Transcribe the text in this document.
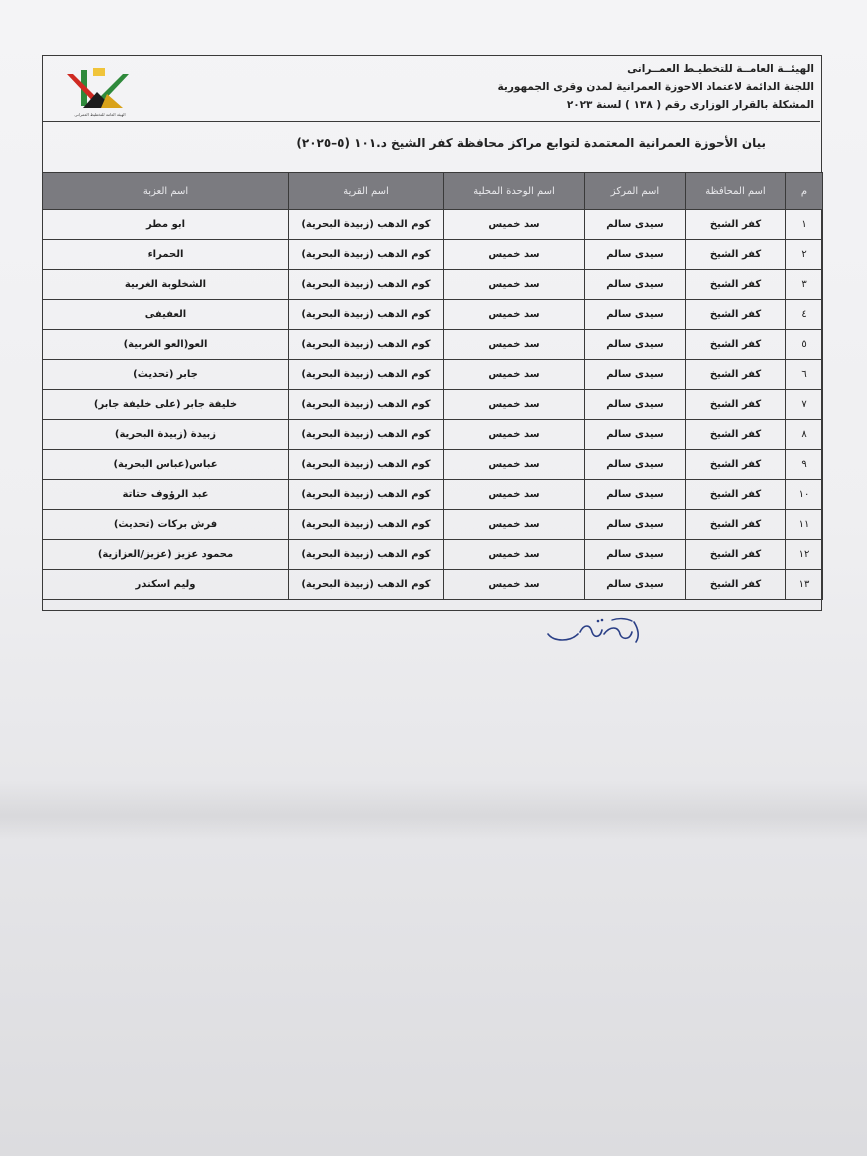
الهيئة العامة للتخطيط العمرانى
الهيئــة العامــة للتخطيـط العمــرانى
اللجنة الدائمة لاعتماد الاحوزة العمرانية لمدن وقرى الجمهورية
المشكلة بالقرار الوزارى رقم ( ١٣٨ ) لسنة ٢٠٢٣
بيان الأحوزة العمرانية المعتمدة لتوابع مراكز محافظة كفر الشيخ د.١٠١ (٥–٢٠٢٥)
م	اسم المحافظة	اسم المركز	اسم الوحدة المحلية	اسم القرية	اسم العزبة
١	كفر الشيخ	سيدى سالم	سد خميس	كوم الدهب (زبيدة البحرية)	ابو مطر
٢	كفر الشيخ	سيدى سالم	سد خميس	كوم الدهب (زبيدة البحرية)	الحمراء
٣	كفر الشيخ	سيدى سالم	سد خميس	كوم الدهب (زبيدة البحرية)	الشخلوبة الغربية
٤	كفر الشيخ	سيدى سالم	سد خميس	كوم الدهب (زبيدة البحرية)	العفيفى
٥	كفر الشيخ	سيدى سالم	سد خميس	كوم الدهب (زبيدة البحرية)	العو(العو الغربية)
٦	كفر الشيخ	سيدى سالم	سد خميس	كوم الدهب (زبيدة البحرية)	جابر (تحديث)
٧	كفر الشيخ	سيدى سالم	سد خميس	كوم الدهب (زبيدة البحرية)	خليفة جابر (على خليفة جابر)
٨	كفر الشيخ	سيدى سالم	سد خميس	كوم الدهب (زبيدة البحرية)	زبيدة (زبيدة البحرية)
٩	كفر الشيخ	سيدى سالم	سد خميس	كوم الدهب (زبيدة البحرية)	عباس(عباس البحرية)
١٠	كفر الشيخ	سيدى سالم	سد خميس	كوم الدهب (زبيدة البحرية)	عبد الرؤوف حتاتة
١١	كفر الشيخ	سيدى سالم	سد خميس	كوم الدهب (زبيدة البحرية)	فرش بركات (تحديث)
١٢	كفر الشيخ	سيدى سالم	سد خميس	كوم الدهب (زبيدة البحرية)	محمود عزيز (عزيز/العزازية)
١٣	كفر الشيخ	سيدى سالم	سد خميس	كوم الدهب (زبيدة البحرية)	وليم اسكندر
